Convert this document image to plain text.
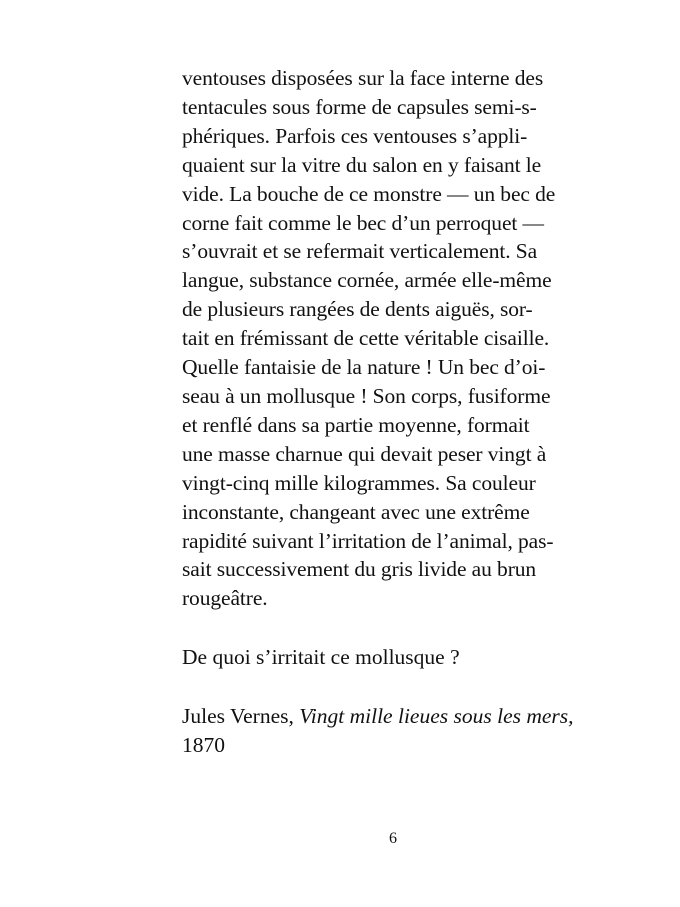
ventouses disposées sur la face interne des
tentacules sous forme de capsules semi-s-
phériques. Parfois ces ventouses s’appli-
quaient sur la vitre du salon en y faisant le
vide. La bouche de ce monstre — un bec de
corne fait comme le bec d’un perroquet —
s’ouvrait et se refermait verticalement. Sa
langue, substance cornée, armée elle-même
de plusieurs rangées de dents aiguës, sor-
tait en frémissant de cette véritable cisaille.
Quelle fantaisie de la nature ! Un bec d’oi-
seau à un mollusque ! Son corps, fusiforme
et renflé dans sa partie moyenne, formait
une masse charnue qui devait peser vingt à
vingt-cinq mille kilogrammes. Sa couleur
inconstante, changeant avec une extrême
rapidité suivant l’irritation de l’animal, pas-
sait successivement du gris livide au brun
rougeâtre.
De quoi s’irritait ce mollusque ?
Jules Vernes, Vingt mille lieues sous les mers,
1870
6
